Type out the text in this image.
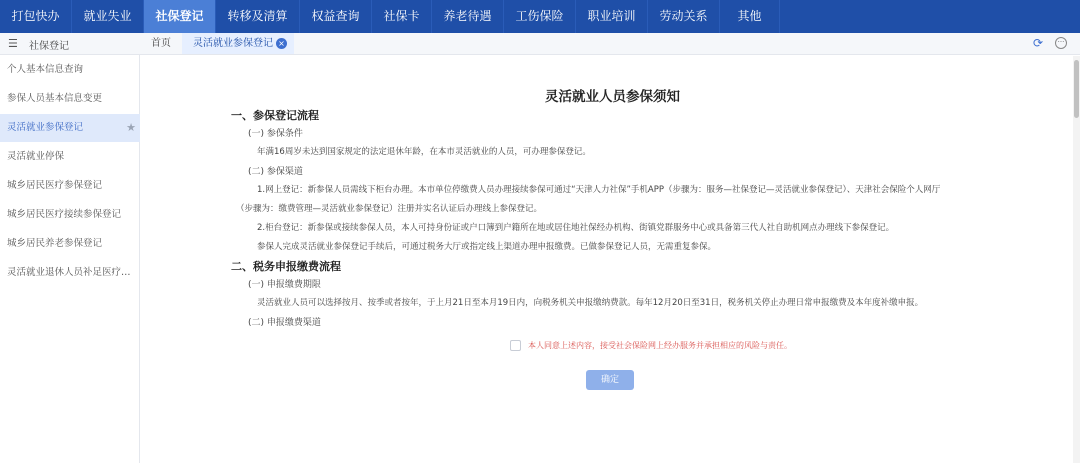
打包快办	就业失业	社保登记	转移及清算	权益查询	社保卡	养老待遇	工伤保险	职业培训	劳动关系	其他
☰ 社保登记	首页	灵活就业参保登记 ×	⟳	···
个人基本信息查询
参保人员基本信息变更
灵活就业参保登记	★
灵活就业停保
城乡居民医疗参保登记
城乡居民医疗接续参保登记
城乡居民养老参保登记
灵活就业退休人员补足医疗…
灵活就业人员参保须知
一、参保登记流程
(一) 参保条件
年满16周岁未达到国家规定的法定退休年龄，在本市灵活就业的人员，可办理参保登记。
(二) 参保渠道
1.网上登记：新参保人员需线下柜台办理。本市单位停缴费人员办理接续参保可通过“天津人力社保”手机APP（步骤为：服务—社保登记—灵活就业参保登记）、天津社会保险个人网厅
（步骤为：缴费管理—灵活就业参保登记）注册并实名认证后办理线上参保登记。
2.柜台登记：新参保或接续参保人员，本人可持身份证或户口簿到户籍所在地或居住地社保经办机构、街镇党群服务中心或具备第三代人社自助机网点办理线下参保登记。
参保人完成灵活就业参保登记手续后，可通过税务大厅或指定线上渠道办理申报缴费。已做参保登记人员，无需重复参保。
二、税务申报缴费流程
(一) 申报缴费期限
灵活就业人员可以选择按月、按季或者按年，于上月21日至本月19日内，向税务机关申报缴纳费款。每年12月20日至31日，税务机关停止办理日常申报缴费及本年度补缴申报。
(二) 申报缴费渠道
本人同意上述内容，接受社会保险网上经办服务并承担相应的风险与责任。
确定
